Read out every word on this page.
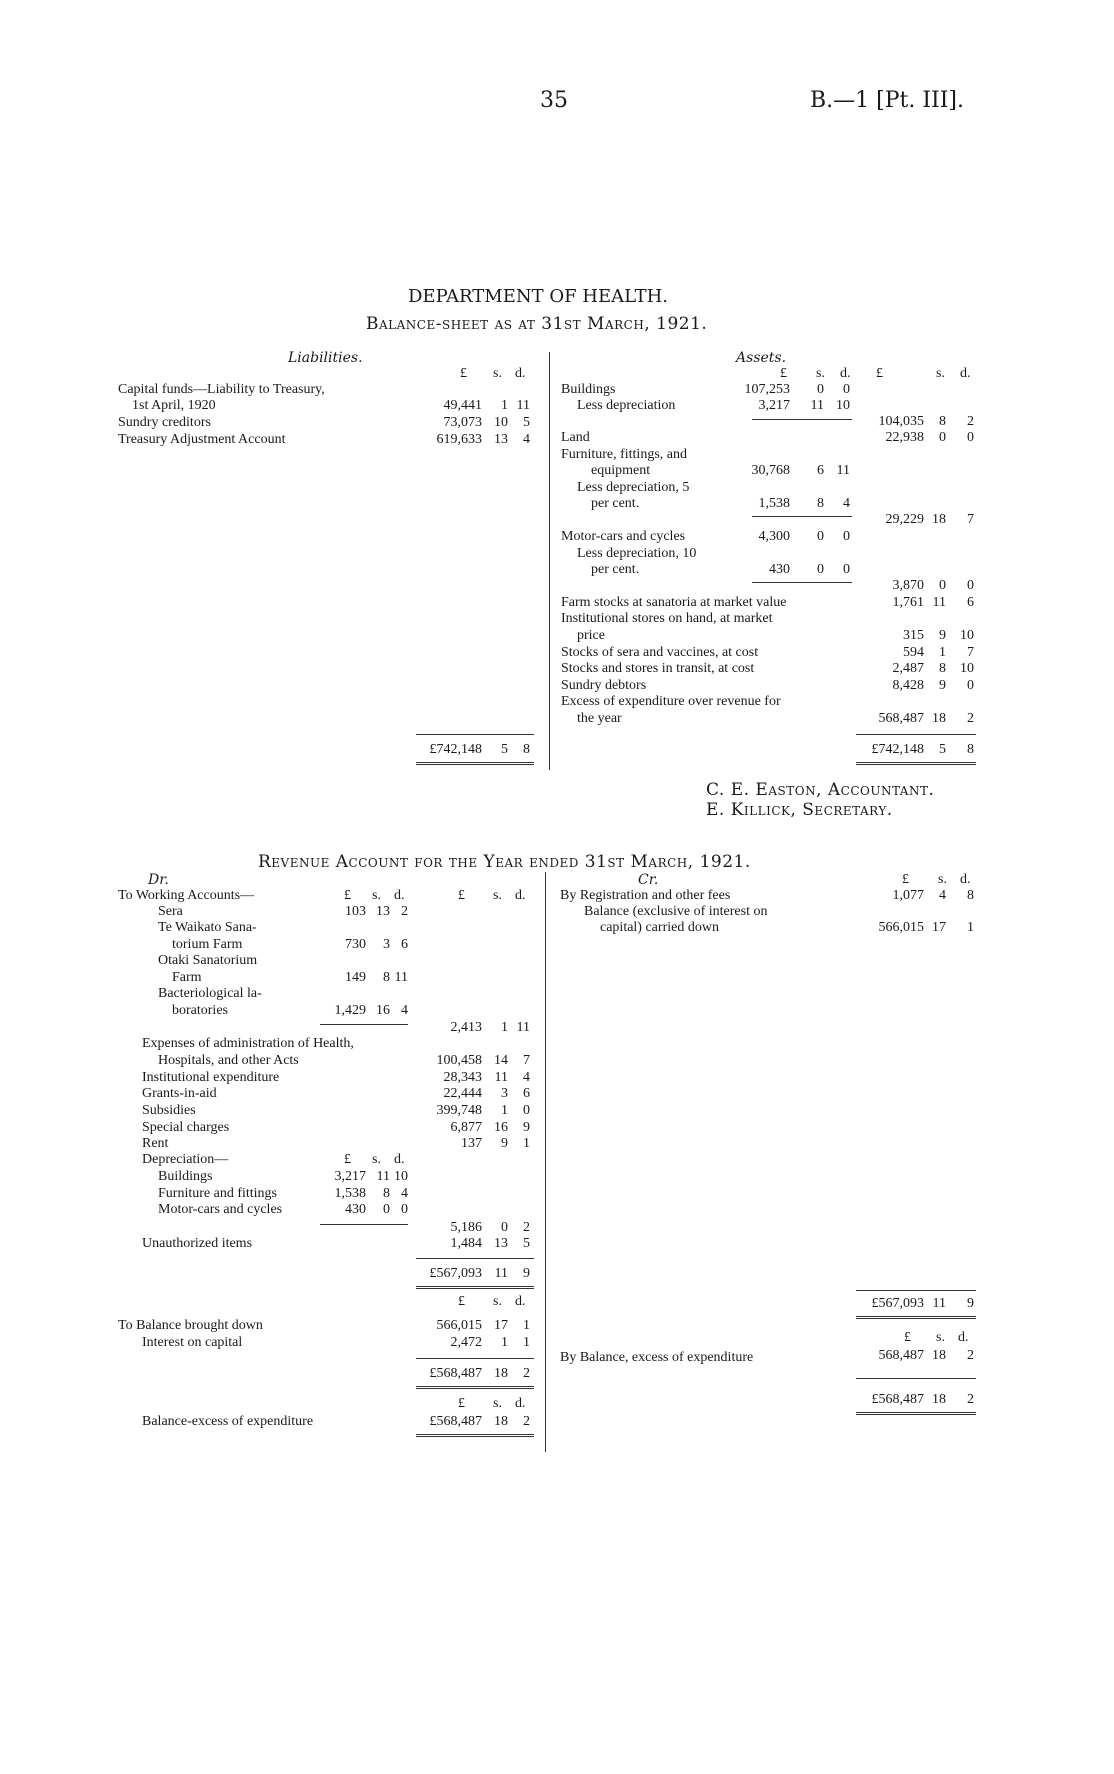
35	B.—1 [Pt. III].
DEPARTMENT OF HEALTH.
Balance-sheet as at 31st March, 1921.
Liabilities.
£ s. d.
Capital funds—Liability to Treasury,
1st April, 1920	49,441	1 11
Sundry creditors	73,073 10	5
Treasury Adjustment Account	619,633 13	4
£742,148	5	8
Assets.
£ s. d. £	s. d.
Buildings	107,253	0	0
Less depreciation	3,217 11 10
104,035	8	2
Land	22,938	0	0
Furniture, fittings, and
equipment	30,768	6 11
Less depreciation, 5
per cent.	1,538	8	4
29,229 18	7
Motor-cars and cycles	4,300	0	0
Less depreciation, 10
per cent.	430	0	0
3,870	0	0
Farm stocks at sanatoria at market value	1,761 11	6
Institutional stores on hand, at market
price	315	9	10
Stocks of sera and vaccines, at cost	594	1	7
Stocks and stores in transit, at cost	2,487	8	10
Sundry debtors	8,428	9	0
Excess of expenditure over revenue for
the year	568,487 18	2
£742,148	5	8
C. E. Easton, Accountant.
E. Killick, Secretary.
Revenue Account for the Year ended 31st March, 1921.
Dr.	Cr.
£ s. d.	£ s. d.
To Working Accounts—
Sera	103 13 2
Te Waikato Sana-
torium Farm	730	3 6
Otaki Sanatorium
Farm	149	8 11
Bacteriological la-
boratories	1,429 16 4
2,413	1 11
Expenses of administration of Health,
Hospitals, and other Acts	100,458 14	7
Institutional expenditure	28,343 11	4
Grants-in-aid	22,444	3	6
Subsidies	399,748	1	0
Special charges	6,877 16	9
Rent	137	9	1
Depreciation—	£ s. d.
Buildings	3,217 11 10
Furniture and fittings	1,538	8 4
Motor-cars and cycles	430	0 0
5,186	0	2
Unauthorized items	1,484 13	5
£567,093 11	9
£ s. d.
To Balance brought down	566,015 17	1
Interest on capital	2,472	1	1
£568,487 18	2
£ s. d.
Balance-excess of expenditure	£568,487 18	2
£ s. d.
By Registration and other fees	1,077	4	8
Balance (exclusive of interest on
capital) carried down	566,015 17	1
£567,093 11	9
£ s. d.
By Balance, excess of expenditure	568,487 18	2
£568,487 18	2
